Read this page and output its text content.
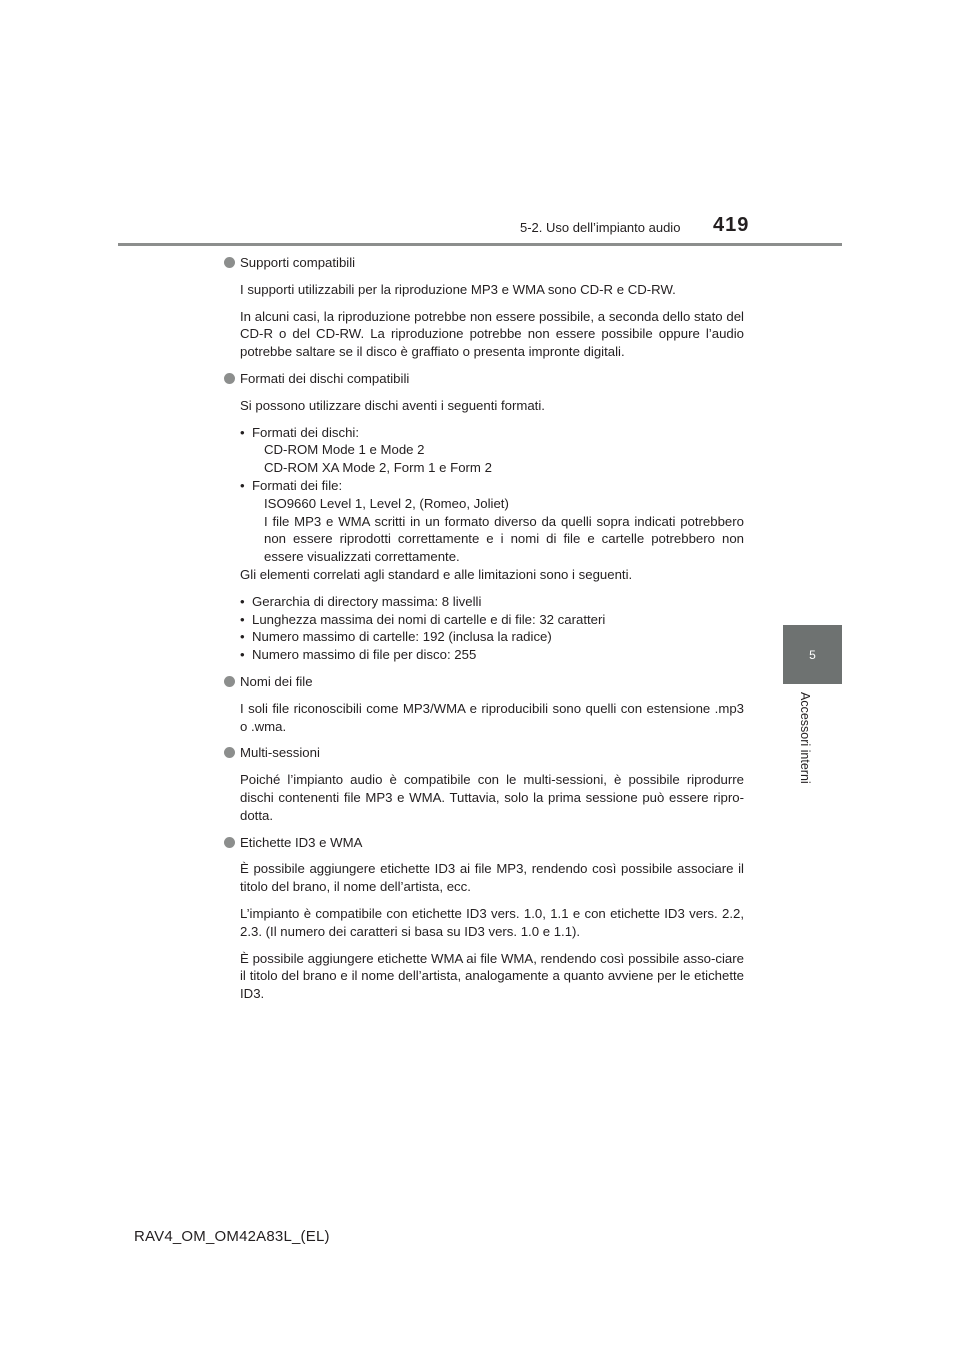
5-2. Uso dell’impianto audio 419
5
Accessori interni
Supporti compatibili

I supporti utilizzabili per la riproduzione MP3 e WMA sono CD-R e CD-RW.

In alcuni casi, la riproduzione potrebbe non essere possibile, a seconda dello stato del CD-R o del CD-RW. La riproduzione potrebbe non essere possibile oppure l’audio potrebbe saltare se il disco è graffiato o presenta impronte digitali.

Formati dei dischi compatibili

Si possono utilizzare dischi aventi i seguenti formati.

• Formati dei dischi:
CD-ROM Mode 1 e Mode 2
CD-ROM XA Mode 2, Form 1 e Form 2
• Formati dei file:
ISO9660 Level 1, Level 2, (Romeo, Joliet)
I file MP3 e WMA scritti in un formato diverso da quelli sopra indicati potrebbero non essere riprodotti correttamente e i nomi di file e cartelle potrebbero non essere visualizzati correttamente.

Gli elementi correlati agli standard e alle limitazioni sono i seguenti.

• Gerarchia di directory massima: 8 livelli
• Lunghezza massima dei nomi di cartelle e di file: 32 caratteri
• Numero massimo di cartelle: 192 (inclusa la radice)
• Numero massimo di file per disco: 255
Nomi dei file

I soli file riconoscibili come MP3/WMA e riproducibili sono quelli con estensione .mp3 o .wma.

Multi-sessioni

Poiché l’impianto audio è compatibile con le multi-sessioni, è possibile riprodurre dischi contenenti file MP3 e WMA. Tuttavia, solo la prima sessione può essere ripro-dotta.

Etichette ID3 e WMA

È possibile aggiungere etichette ID3 ai file MP3, rendendo così possibile associare il titolo del brano, il nome dell’artista, ecc.

L’impianto è compatibile con etichette ID3 vers. 1.0, 1.1 e con etichette ID3 vers. 2.2, 2.3. (Il numero dei caratteri si basa su ID3 vers. 1.0 e 1.1).

È possibile aggiungere etichette WMA ai file WMA, rendendo così possibile asso-ciare il titolo del brano e il nome dell’artista, analogamente a quanto avviene per le etichette ID3.

RAV4_OM_OM42A83L_(EL)
